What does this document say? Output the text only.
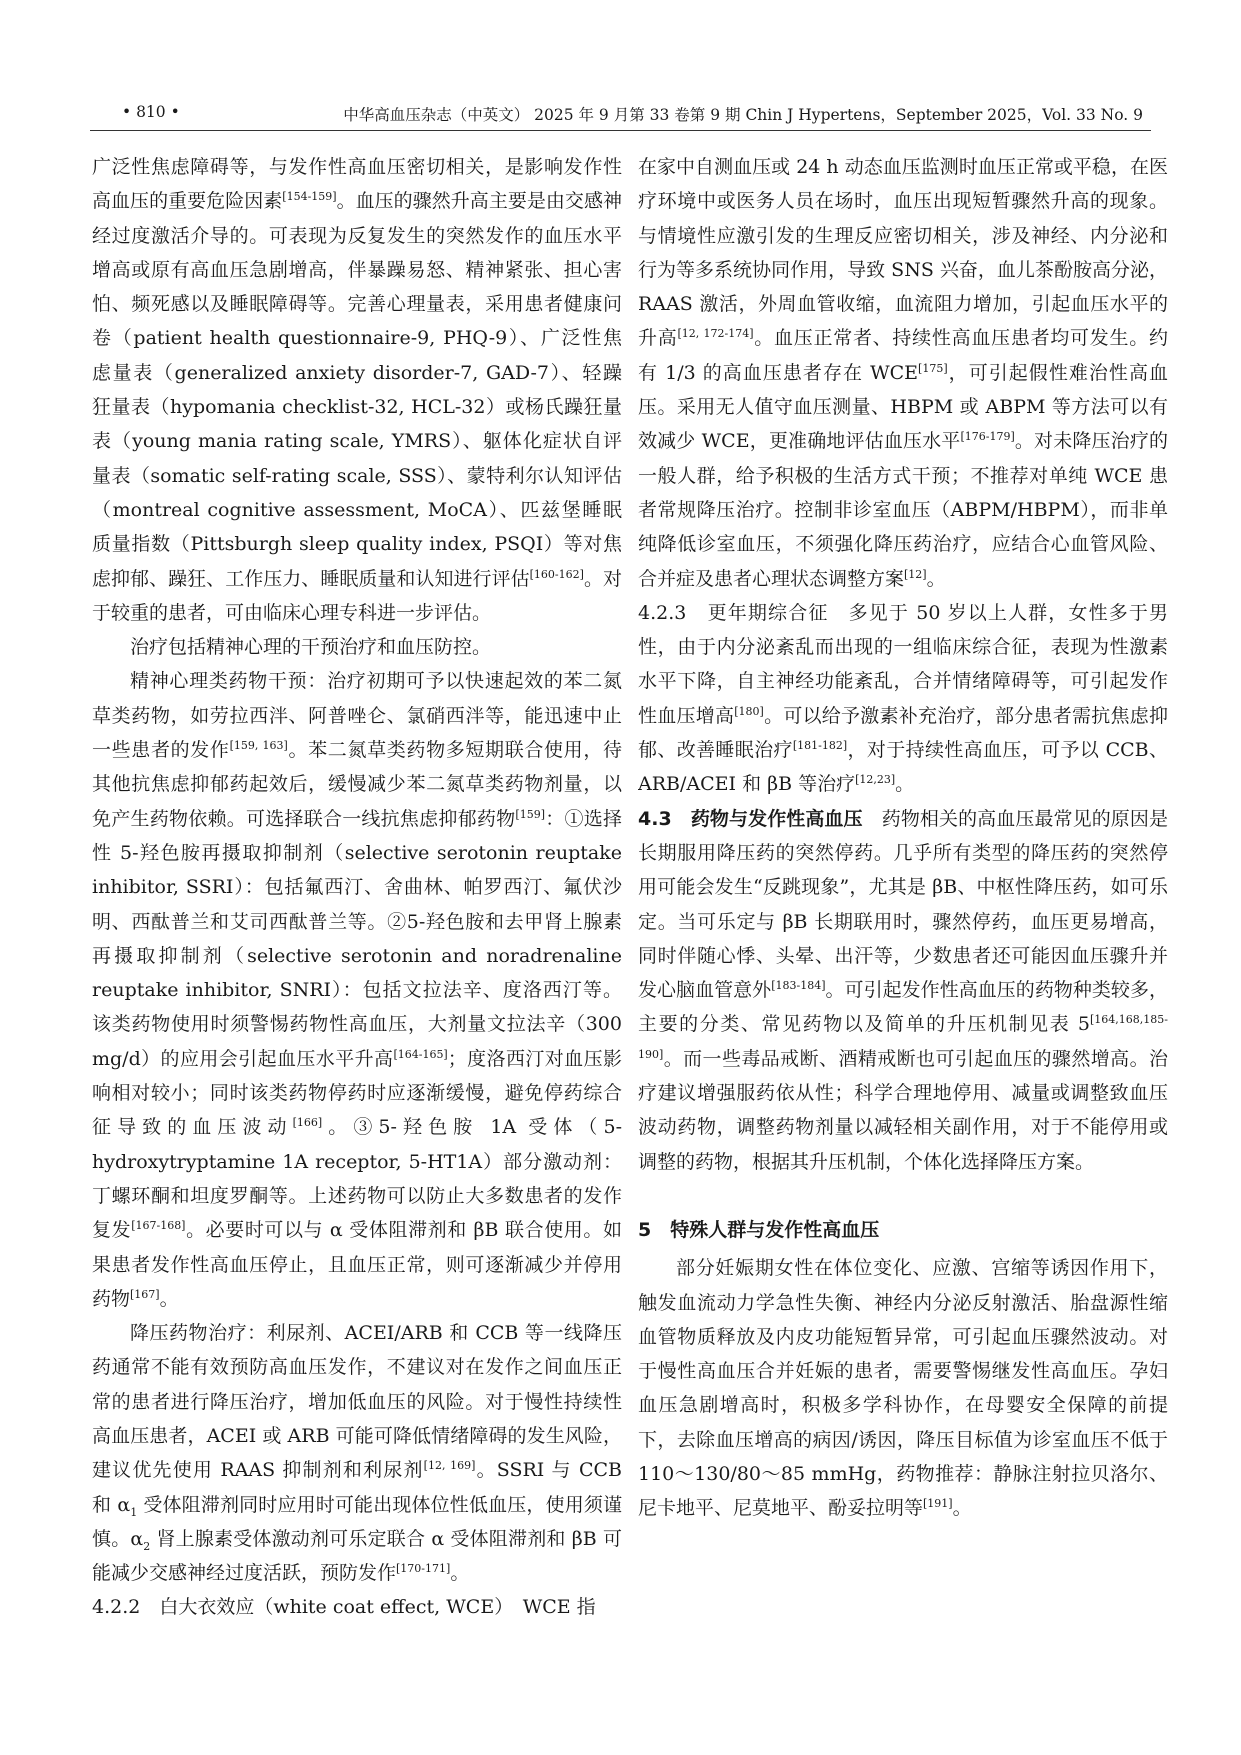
• 810 •	中华高血压杂志（中英文） 2025 年 9 月第 33 卷第 9 期 Chin J Hypertens，September 2025，Vol. 33 No. 9

广泛性焦虑障碍等，与发作性高血压密切相关，是影响发作性高血压的重要危险因素[154-159]。血压的骤然升高主要是由交感神经过度激活介导的。可表现为反复发生的突然发作的血压水平增高或原有高血压急剧增高，伴暴躁易怒、精神紧张、担心害怕、频死感以及睡眠障碍等。完善心理量表，采用患者健康问卷（patient health questionnaire-9, PHQ-9）、广泛性焦虑量表（generalized anxiety disorder-7, GAD-7）、轻躁狂量表（hypomania checklist-32, HCL-32）或杨氏躁狂量表（young mania rating scale, YMRS）、躯体化症状自评量表（somatic self-rating scale, SSS）、蒙特利尔认知评估（montreal cognitive assessment, MoCA）、匹兹堡睡眠质量指数（Pittsburgh sleep quality index, PSQI）等对焦虑抑郁、躁狂、工作压力、睡眠质量和认知进行评估[160-162]。对于较重的患者，可由临床心理专科进一步评估。

治疗包括精神心理的干预治疗和血压防控。

精神心理类药物干预：治疗初期可予以快速起效的苯二氮草类药物，如劳拉西泮、阿普唑仑、氯硝西泮等，能迅速中止一些患者的发作[159, 163]。苯二氮草类药物多短期联合使用，待其他抗焦虑抑郁药起效后，缓慢减少苯二氮草类药物剂量，以免产生药物依赖。可选择联合一线抗焦虑抑郁药物[159]：①选择性 5-羟色胺再摄取抑制剂（selective serotonin reuptake inhibitor, SSRI）：包括氟西汀、舍曲林、帕罗西汀、氟伏沙明、西酞普兰和艾司西酞普兰等。②5-羟色胺和去甲肾上腺素再摄取抑制剂（selective serotonin and noradrenaline reuptake inhibitor, SNRI）：包括文拉法辛、度洛西汀等。该类药物使用时须警惕药物性高血压，大剂量文拉法辛（300 mg/d）的应用会引起血压水平升高[164-165]；度洛西汀对血压影响相对较小；同时该类药物停药时应逐渐缓慢，避免停药综合征导致的血压波动[166]。③5-羟色胺 1A 受体（5-hydroxytryptamine 1A receptor, 5-HT1A）部分激动剂：丁螺环酮和坦度罗酮等。上述药物可以防止大多数患者的发作复发[167-168]。必要时可以与 α 受体阻滞剂和 βB 联合使用。如果患者发作性高血压停止，且血压正常，则可逐渐减少并停用药物[167]。

降压药物治疗：利尿剂、ACEI/ARB 和 CCB 等一线降压药通常不能有效预防高血压发作，不建议对在发作之间血压正常的患者进行降压治疗，增加低血压的风险。对于慢性持续性高血压患者，ACEI 或 ARB 可能可降低情绪障碍的发生风险，建议优先使用 RAAS 抑制剂和利尿剂[12, 169]。SSRI 与 CCB 和 $\alpha_1$ 受体阻滞剂同时应用时可能出现体位性低血压，使用须谨慎。$\alpha_2$ 肾上腺素受体激动剂可乐定联合 α 受体阻滞剂和 βB 可能减少交感神经过度活跃，预防发作[170-171]。

4.2.2　白大衣效应（white coat effect, WCE）　WCE 指

在家中自测血压或 24 h 动态血压监测时血压正常或平稳，在医疗环境中或医务人员在场时，血压出现短暂骤然升高的现象。与情境性应激引发的生理反应密切相关，涉及神经、内分泌和行为等多系统协同作用，导致 SNS 兴奋，血儿茶酚胺高分泌，RAAS 激活，外周血管收缩，血流阻力增加，引起血压水平的升高[12, 172-174]。血压正常者、持续性高血压患者均可发生。约有 1/3 的高血压患者存在 WCE[175]，可引起假性难治性高血压。采用无人值守血压测量、HBPM 或 ABPM 等方法可以有效减少 WCE，更准确地评估血压水平[176-179]。对未降压治疗的一般人群，给予积极的生活方式干预；不推荐对单纯 WCE 患者常规降压治疗。控制非诊室血压（ABPM/HBPM），而非单纯降低诊室血压，不须强化降压药治疗，应结合心血管风险、合并症及患者心理状态调整方案[12]。

4.2.3　更年期综合征　多见于 50 岁以上人群，女性多于男性，由于内分泌紊乱而出现的一组临床综合征，表现为性激素水平下降，自主神经功能紊乱，合并情绪障碍等，可引起发作性血压增高[180]。可以给予激素补充治疗，部分患者需抗焦虑抑郁、改善睡眠治疗[181-182]，对于持续性高血压，可予以 CCB、ARB/ACEI 和 βB 等治疗[12,23]。

4.3　药物与发作性高血压　药物相关的高血压最常见的原因是长期服用降压药的突然停药。几乎所有类型的降压药的突然停用可能会发生“反跳现象”，尤其是 βB、中枢性降压药，如可乐定。当可乐定与 βB 长期联用时，骤然停药，血压更易增高，同时伴随心悸、头晕、出汗等，少数患者还可能因血压骤升并发心脑血管意外[183-184]。可引起发作性高血压的药物种类较多，主要的分类、常见药物以及简单的升压机制见表 5[164,168,185-190]。而一些毒品戒断、酒精戒断也可引起血压的骤然增高。治疗建议增强服药依从性；科学合理地停用、减量或调整致血压波动药物，调整药物剂量以减轻相关副作用，对于不能停用或调整的药物，根据其升压机制，个体化选择降压方案。

5　特殊人群与发作性高血压

部分妊娠期女性在体位变化、应激、宫缩等诱因作用下，触发血流动力学急性失衡、神经内分泌反射激活、胎盘源性缩血管物质释放及内皮功能短暂异常，可引起血压骤然波动。对于慢性高血压合并妊娠的患者，需要警惕继发性高血压。孕妇血压急剧增高时，积极多学科协作，在母婴安全保障的前提下，去除血压增高的病因/诱因，降压目标值为诊室血压不低于 110～130/80～85 mmHg，药物推荐：静脉注射拉贝洛尔、尼卡地平、尼莫地平、酚妥拉明等[191]。
